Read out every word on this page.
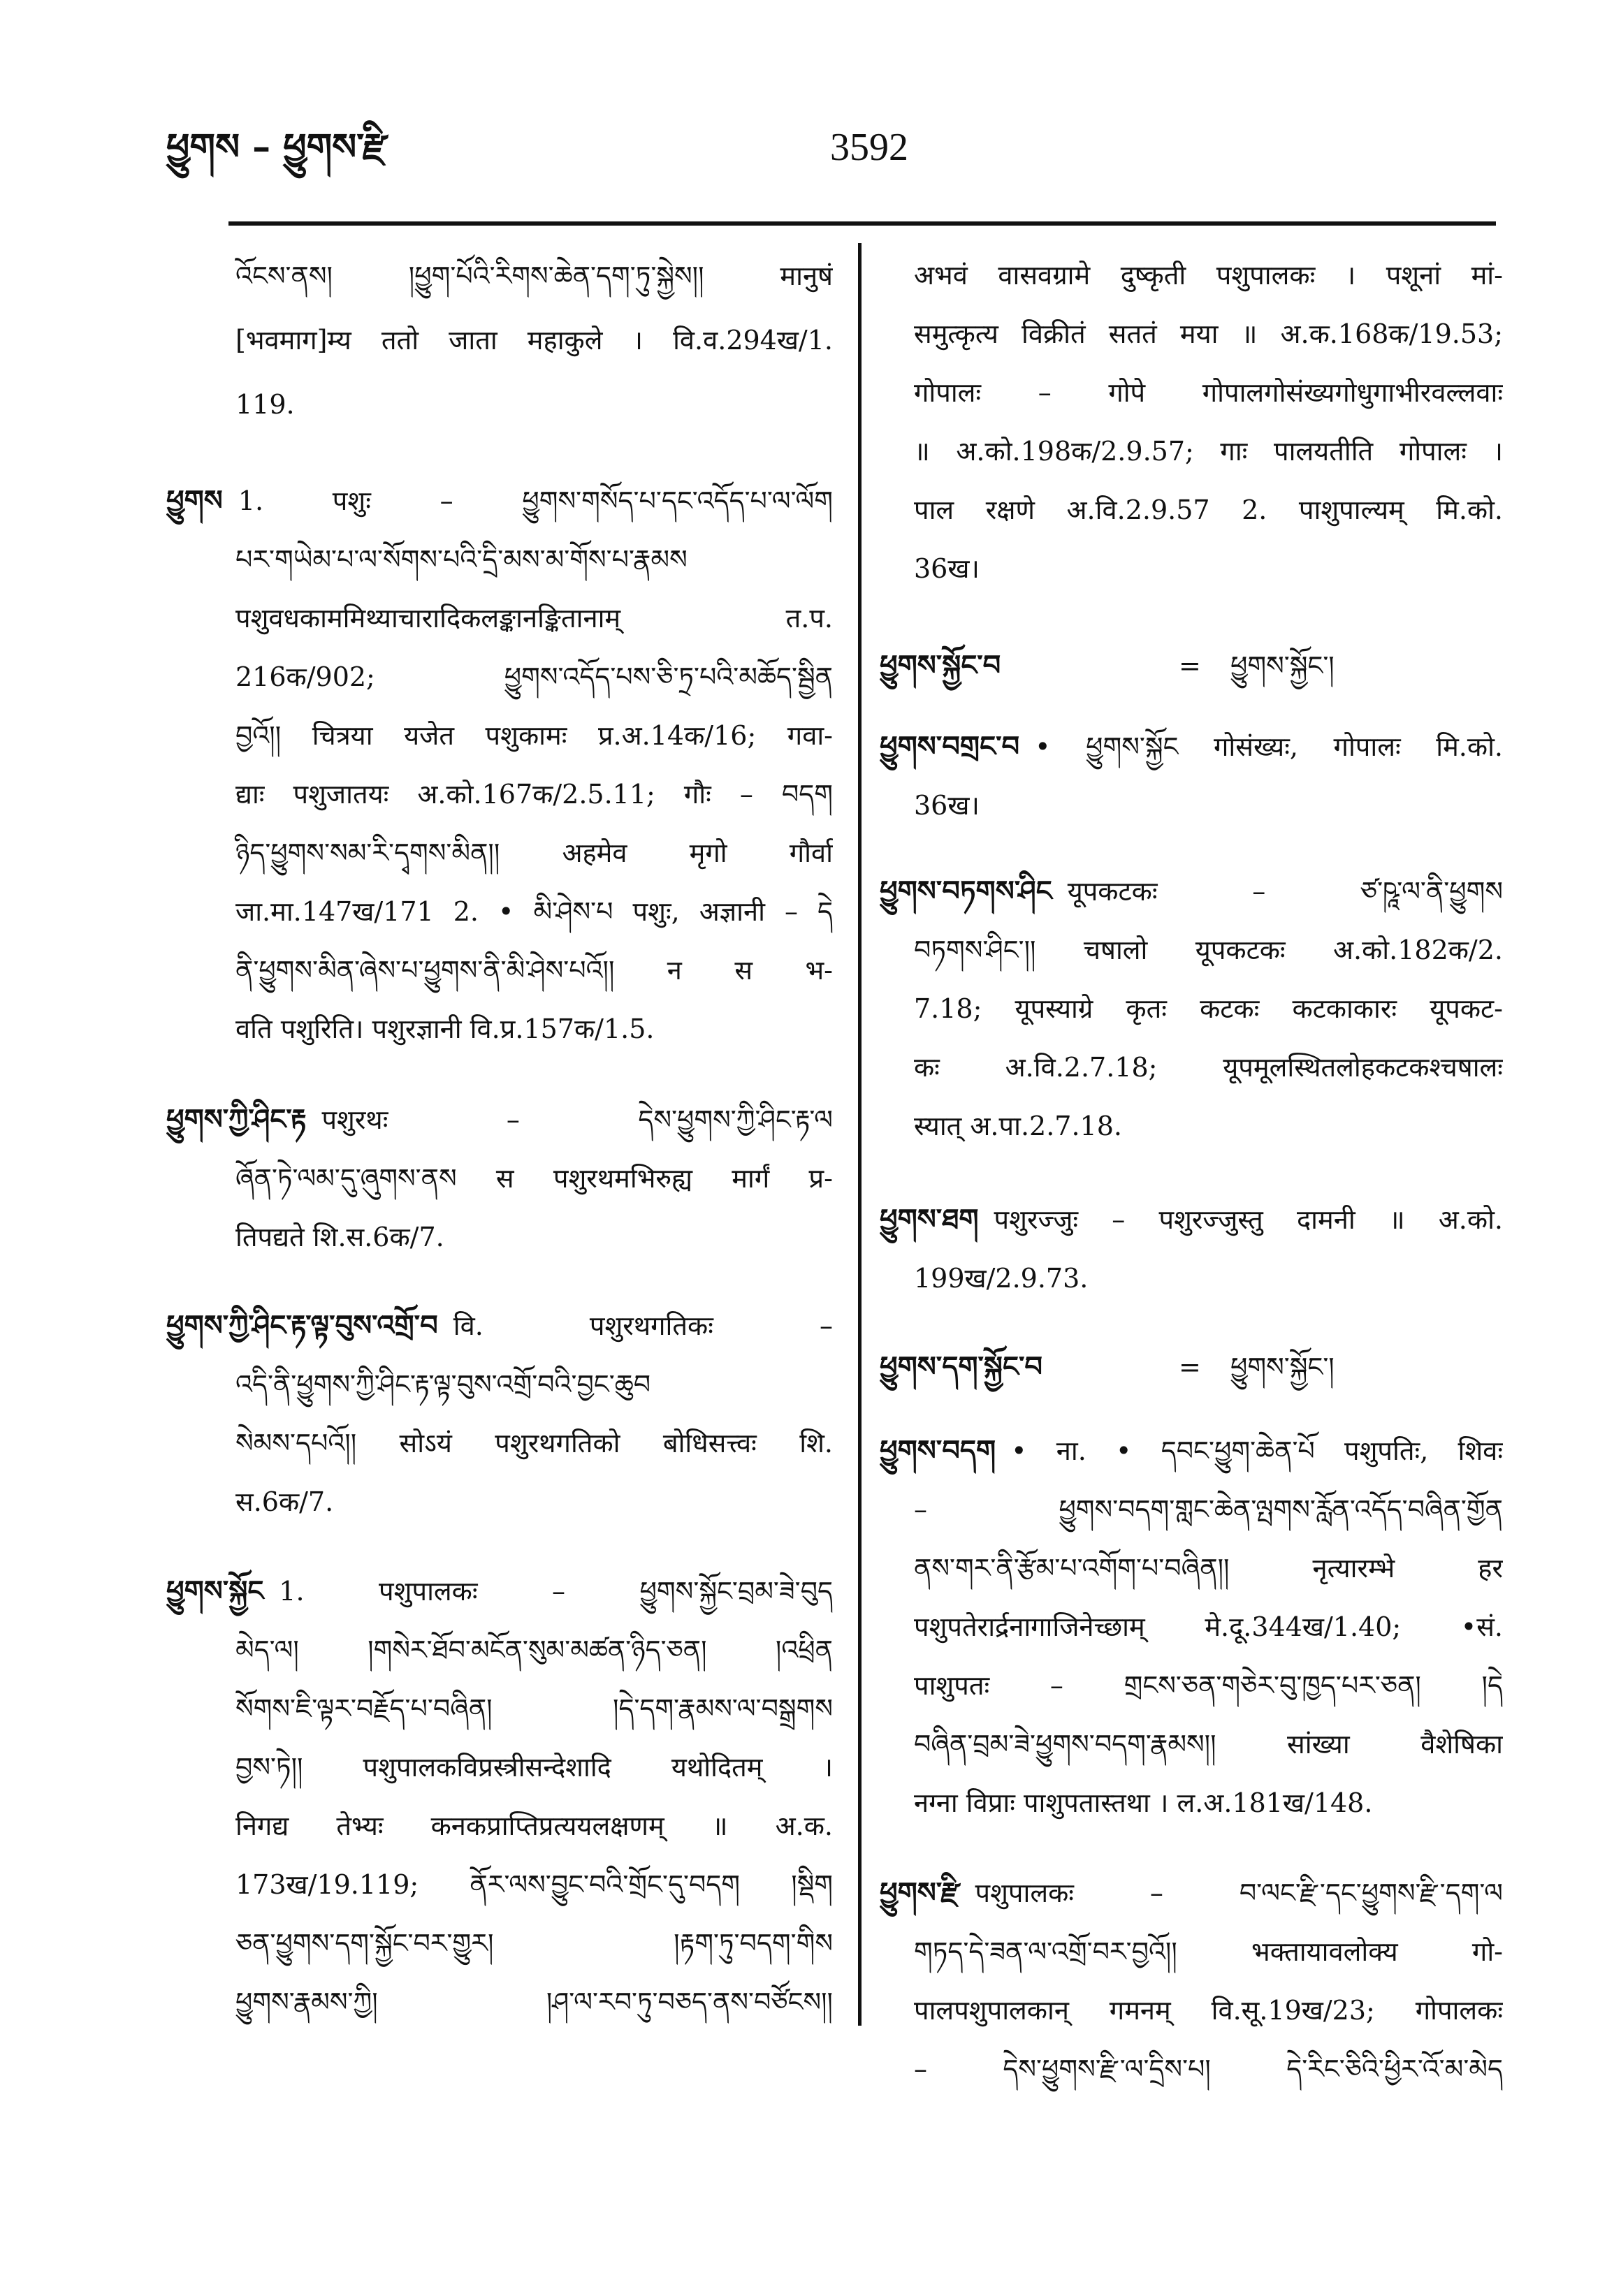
ཕྱུགས – ཕྱུགས་རྫི	3592
འོངས་ནས། །ཕྱུག་པོའི་རིགས་ཆེན་དག་ཏུ་སྐྱེས།། मानुषं
[भवमाग]म्य ततो जाता महाकुले । वि.व.294ख/1.
119.
ཕྱུགས 1. पशुः – ཕྱུགས་གསོད་པ་དང་འདོད་པ་ལ་ལོག
པར་གཡེམ་པ་ལ་སོགས་པའི་དྲི་མས་མ་གོས་པ་རྣམས
पशुवधकाममिथ्याचारादिकलङ्कानङ्कितानाम् त.प.
216क/902; ཕྱུགས་འདོད་པས་ཅི་ཏྲ་པའི་མཆོད་སྦྱིན
བྱའོ།། चित्रया यजेत पशुकामः प्र.अ.14क/16; गवा-
द्याः पशुजातयः अ.को.167क/2.5.11; गौः – བདག
ཉིད་ཕྱུགས་སམ་རི་དྭགས་མིན།། अहमेव मृगो गौर्वा
जा.मा.147ख/171 2. • མི་ཤེས་པ पशुः, अज्ञानी – དེ
ནི་ཕྱུགས་མིན་ཞེས་པ་ཕྱུགས་ནི་མི་ཤེས་པའོ།། न स भ-
वति पशुरिति। पशुरज्ञानी वि.प्र.157क/1.5.
ཕྱུགས་ཀྱི་ཤིང་རྟ पशुरथः – དེས་ཕྱུགས་ཀྱི་ཤིང་རྟ་ལ
ཞོན་ཏེ་ལམ་དུ་ཞུགས་ནས स पशुरथमभिरुह्य मार्गं प्र-
तिपद्यते शि.स.6क/7.
ཕྱུགས་ཀྱི་ཤིང་རྟ་ལྟ་བུས་འགྲོ་བ वि. पशुरथगतिकः –
འདི་ནི་ཕྱུགས་ཀྱི་ཤིང་རྟ་ལྟ་བུས་འགྲོ་བའི་བྱང་ཆུབ
སེམས་དཔའོ།། सोऽयं पशुरथगतिको बोधिसत्त्वः शि.
स.6क/7.
ཕྱུགས་སྐྱོང 1. पशुपालकः – ཕྱུགས་སྐྱོང་བྲམ་ཟེ་བུད
མེད་ལ། །གསེར་ཐོབ་མངོན་སུམ་མཚན་ཉིད་ཅན། །འཕྲིན
སོགས་ཇི་ལྟར་བརྗོད་པ་བཞིན། །དེ་དག་རྣམས་ལ་བསྒྲགས
བྱས་ཏེ།། पशुपालकविप्रस्त्रीसन्देशादि यथोदितम् ।
निगद्य तेभ्यः कनकप्राप्तिप्रत्ययलक्षणम् ॥ अ.क.
173ख/19.119; ནོར་ལས་བྱུང་བའི་གྲོང་དུ་བདག །སྡིག
ཅན་ཕྱུགས་དག་སྐྱོང་བར་གྱུར། །རྟག་ཏུ་བདག་གིས
ཕྱུགས་རྣམས་ཀྱི། །ཤ་ལ་རབ་ཏུ་བཅད་ནས་བཙོངས།།
अभवं वासवग्रामे दुष्कृती पशुपालकः । पशूनां मां-
समुत्कृत्य विक्रीतं सततं मया ॥ अ.क.168क/19.53;
गोपालः – गोपे गोपालगोसंख्यगोधुगाभीरवल्लवाः
॥ अ.को.198क/2.9.57; गाः पालयतीति गोपालः ।
पाल रक्षणे अ.वि.2.9.57 2. पाशुपाल्यम् मि.को.
36ख।
ཕྱུགས་སྐྱོང་བ	= ཕྱུགས་སྐྱོང་།
ཕྱུགས་བགྲང་བ • ཕྱུགས་སྐྱོང गोसंख्यः, गोपालः मि.को.
36ख।
ཕྱུགས་བཏགས་ཤིང यूपकटकः – ཙ་ཥཱ་ལ་ནི་ཕྱུགས
བཏགས་ཤིང་།། चषालो यूपकटकः अ.को.182क/2.
7.18; यूपस्याग्रे कृतः कटकः कटकाकारः यूपकट-
कः अ.वि.2.7.18; यूपमूलस्थितलोहकटकश्चषालः
स्यात् अ.पा.2.7.18.
ཕྱུགས་ཐག पशुरज्जुः – पशुरज्जुस्तु दामनी ॥ अ.को.
199ख/2.9.73.
ཕྱུགས་དག་སྐྱོང་བ	= ཕྱུགས་སྐྱོང་།
ཕྱུགས་བདག • ना. • དབང་ཕྱུག་ཆེན་པོ पशुपतिः, शिवः
– ཕྱུགས་བདག་གླང་ཆེན་ལྤགས་རློན་འདོད་བཞིན་གྱོན
ནས་གར་ནི་རྩོམ་པ་འགོག་པ་བཞིན།། नृत्यारम्भे हर
पशुपतेरार्द्रनागाजिनेच्छाम् मे.दू.344ख/1.40; •सं.
पाशुपतः – གྲངས་ཅན་གཅེར་བུ་ཁྱད་པར་ཅན། །དེ
བཞིན་བྲམ་ཟེ་ཕྱུགས་བདག་རྣམས།། सांख्या वैशेषिका
नग्ना विप्राः पाशुपतास्तथा । ल.अ.181ख/148.
ཕྱུགས་རྫི पशुपालकः – བ་ལང་རྫི་དང་ཕྱུགས་རྫི་དག་ལ
གཏད་དེ་ཟན་ལ་འགྲོ་བར་བྱའོ།། भक्तायावलोक्य गो-
पालपशुपालकान् गमनम् वि.सू.19ख/23; गोपालकः
– དེས་ཕྱུགས་རྫི་ལ་དྲིས་པ། དེ་རིང་ཅིའི་ཕྱིར་འོ་མ་མེད
